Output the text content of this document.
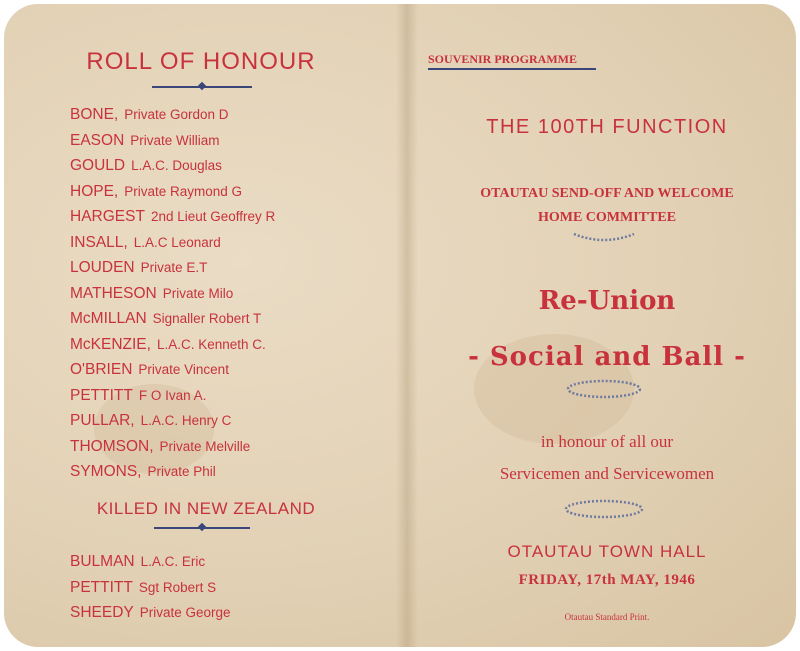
ROLL OF HONOUR
BONE, Private Gordon D
EASON Private William
GOULD L.A.C. Douglas
HOPE, Private Raymond G
HARGEST 2nd Lieut Geoffrey R
INSALL, L.A.C Leonard
LOUDEN Private E.T
MATHESON Private Milo
McMILLAN Signaller Robert T
McKENZIE, L.A.C. Kenneth C.
O'BRIEN Private Vincent
PETTITT F O Ivan A.
PULLAR, L.A.C. Henry C
THOMSON, Private Melville
SYMONS, Private Phil
KILLED IN NEW ZEALAND
BULMAN L.A.C. Eric
PETTITT Sgt Robert S
SHEEDY Private George
SOUVENIR PROGRAMME
THE 100TH FUNCTION
OTAUTAU SEND-OFF AND WELCOME
HOME COMMITTEE
Re-Union
- Social and Ball -
in honour of all our
Servicemen and Servicewomen
OTAUTAU TOWN HALL
FRIDAY, 17th MAY, 1946
Otautau Standard Print.
